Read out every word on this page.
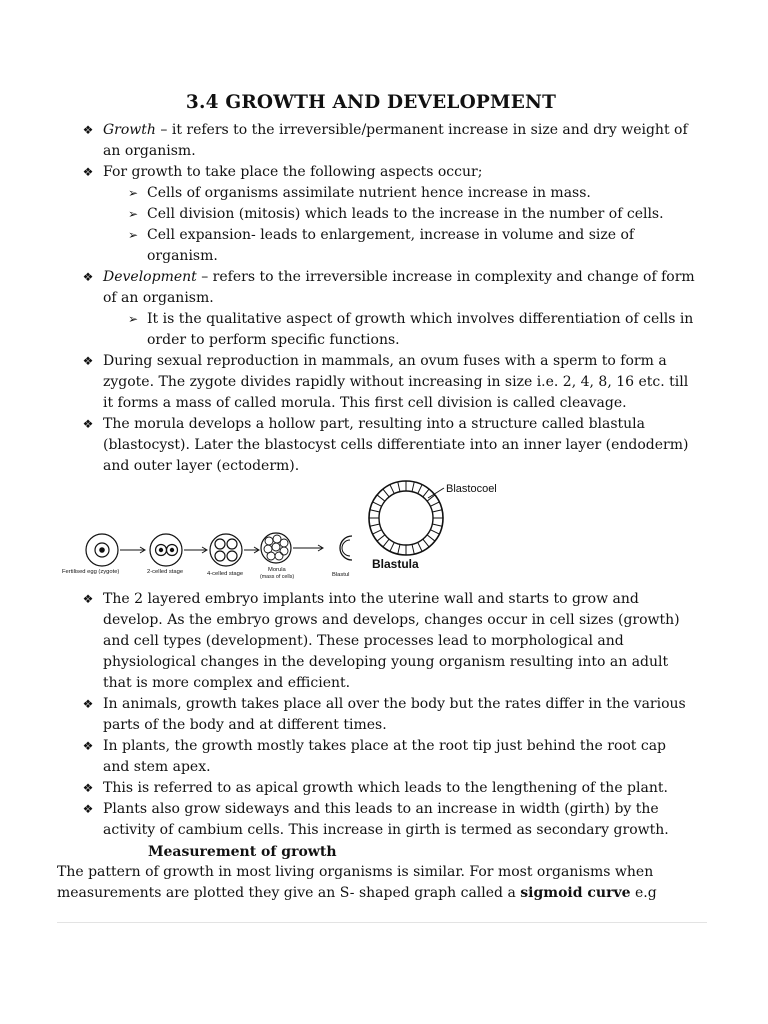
3.4 GROWTH AND DEVELOPMENT
❖ Growth – it refers to the irreversible/permanent increase in size and dry weight of
an organism.
❖ For growth to take place the following aspects occur;
➢ Cells of organisms assimilate nutrient hence increase in mass.
➢ Cell division (mitosis) which leads to the increase in the number of cells.
➢ Cell expansion- leads to enlargement, increase in volume and size of
organism.
❖ Development – refers to the irreversible increase in complexity and change of form
of an organism.
➢ It is the qualitative aspect of growth which involves differentiation of cells in
order to perform specific functions.
❖ During sexual reproduction in mammals, an ovum fuses with a sperm to form a
zygote. The zygote divides rapidly without increasing in size i.e. 2, 4, 8, 16 etc. till
it forms a mass of called morula. This first cell division is called cleavage.
❖ The morula develops a hollow part, resulting into a structure called blastula
(blastocyst). Later the blastocyst cells differentiate into an inner layer (endoderm)
and outer layer (ectoderm).
Blastocoel
Blastula
Fertilised egg (zygote)	2-celled stage	4-celled stage
Morula
(mass of cells)	Blastul
❖ The 2 layered embryo implants into the uterine wall and starts to grow and
develop. As the embryo grows and develops, changes occur in cell sizes (growth)
and cell types (development). These processes lead to morphological and
physiological changes in the developing young organism resulting into an adult
that is more complex and efficient.
❖ In animals, growth takes place all over the body but the rates differ in the various
parts of the body and at different times.
❖ In plants, the growth mostly takes place at the root tip just behind the root cap
and stem apex.
❖ This is referred to as apical growth which leads to the lengthening of the plant.
❖ Plants also grow sideways and this leads to an increase in width (girth) by the
activity of cambium cells. This increase in girth is termed as secondary growth.
Measurement of growth
The pattern of growth in most living organisms is similar. For most organisms when
measurements are plotted they give an S- shaped graph called a sigmoid curve e.g
